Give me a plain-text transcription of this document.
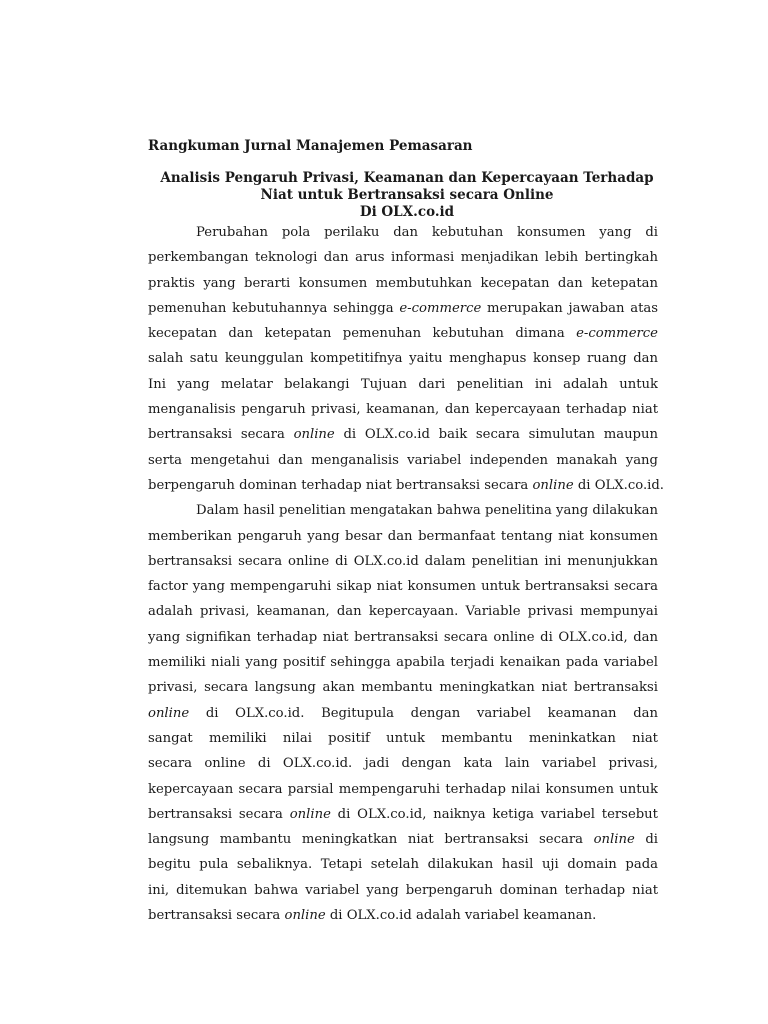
Rangkuman Jurnal Manajemen Pemasaran

Analisis Pengaruh Privasi, Keamanan dan Kepercayaan Terhadap
Niat untuk Bertransaksi secara Online
Di OLX.co.id
Perubahan pola perilaku dan kebutuhan konsumen yang di
perkembangan teknologi dan arus informasi menjadikan lebih bertingkah
praktis yang berarti konsumen membutuhkan kecepatan dan ketepatan
pemenuhan kebutuhannya sehingga e-commerce merupakan jawaban atas
kecepatan dan ketepatan pemenuhan kebutuhan dimana e-commerce
salah satu keunggulan kompetitifnya yaitu menghapus konsep ruang dan
Ini yang melatar belakangi Tujuan dari penelitian ini adalah untuk
menganalisis pengaruh privasi, keamanan, dan kepercayaan terhadap niat
bertransaksi secara online di OLX.co.id baik secara simulutan maupun
serta mengetahui dan menganalisis variabel independen manakah yang
berpengaruh dominan terhadap niat bertransaksi secara online di OLX.co.id.
Dalam hasil penelitian mengatakan bahwa penelitina yang dilakukan
memberikan pengaruh yang besar dan bermanfaat tentang niat konsumen
bertransaksi secara online di OLX.co.id dalam penelitian ini menunjukkan
factor yang mempengaruhi sikap niat konsumen untuk bertransaksi secara
adalah privasi, keamanan, dan kepercayaan. Variable privasi mempunyai
yang signifikan terhadap niat bertransaksi secara online di OLX.co.id, dan
memiliki niali yang positif sehingga apabila terjadi kenaikan pada variabel
privasi, secara langsung akan membantu meningkatkan niat bertransaksi
online di OLX.co.id. Begitupula dengan variabel keamanan dan
sangat memiliki nilai positif untuk membantu meninkatkan niat
secara online di OLX.co.id. jadi dengan kata lain variabel privasi,
kepercayaan secara parsial mempengaruhi terhadap nilai konsumen untuk
bertransaksi secara online di OLX.co.id, naiknya ketiga variabel tersebut
langsung mambantu meningkatkan niat bertransaksi secara online di
begitu pula sebaliknya. Tetapi setelah dilakukan hasil uji domain pada
ini, ditemukan bahwa variabel yang berpengaruh dominan terhadap niat
bertransaksi secara online di OLX.co.id adalah variabel keamanan.
